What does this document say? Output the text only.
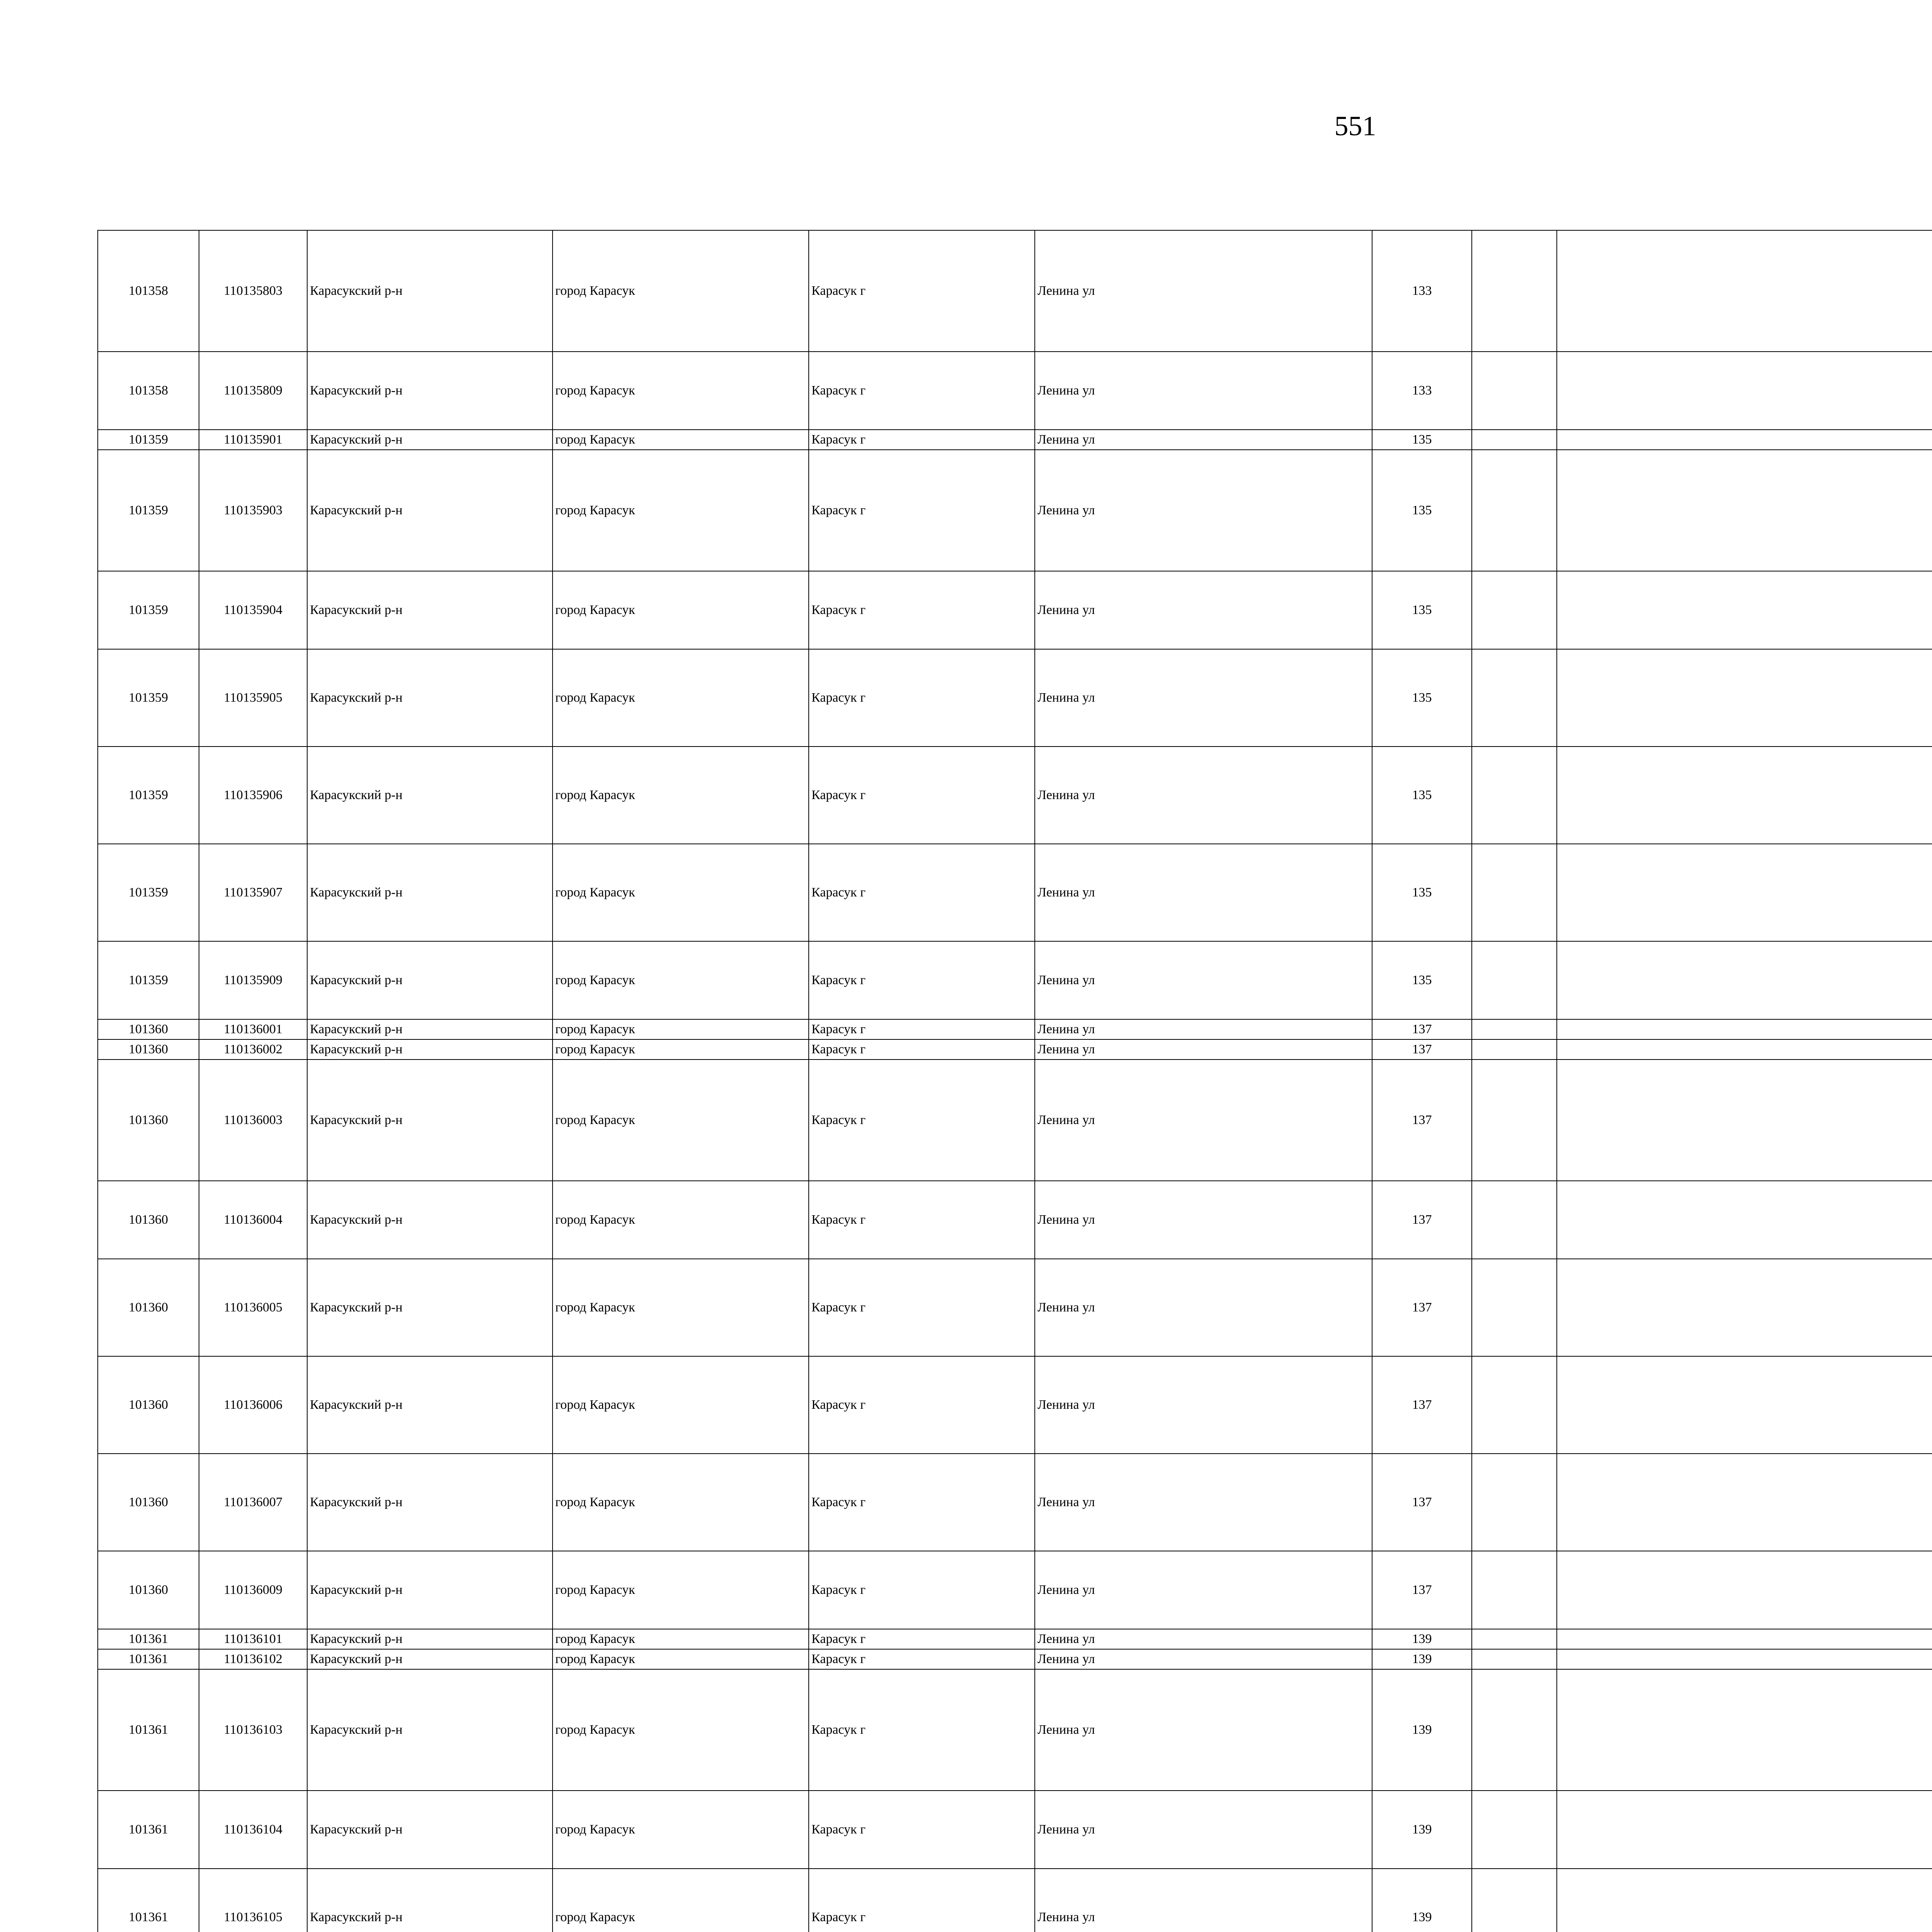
551
101358	110135803	Карасукский р-н	город Карасук	Карасук г	Ленина ул	133							
101358	110135809	Карасукский р-н	город Карасук	Карасук г	Ленина ул	133							
101359	110135901	Карасукский р-н	город Карасук	Карасук г	Ленина ул	135							
101359	110135903	Карасукский р-н	город Карасук	Карасук г	Ленина ул	135							
101359	110135904	Карасукский р-н	город Карасук	Карасук г	Ленина ул	135							
101359	110135905	Карасукский р-н	город Карасук	Карасук г	Ленина ул	135							
101359	110135906	Карасукский р-н	город Карасук	Карасук г	Ленина ул	135							
101359	110135907	Карасукский р-н	город Карасук	Карасук г	Ленина ул	135							
101359	110135909	Карасукский р-н	город Карасук	Карасук г	Ленина ул	135							
101360	110136001	Карасукский р-н	город Карасук	Карасук г	Ленина ул	137							
101360	110136002	Карасукский р-н	город Карасук	Карасук г	Ленина ул	137							
101360	110136003	Карасукский р-н	город Карасук	Карасук г	Ленина ул	137							
101360	110136004	Карасукский р-н	город Карасук	Карасук г	Ленина ул	137							
101360	110136005	Карасукский р-н	город Карасук	Карасук г	Ленина ул	137							
101360	110136006	Карасукский р-н	город Карасук	Карасук г	Ленина ул	137							
101360	110136007	Карасукский р-н	город Карасук	Карасук г	Ленина ул	137							
101360	110136009	Карасукский р-н	город Карасук	Карасук г	Ленина ул	137							
101361	110136101	Карасукский р-н	город Карасук	Карасук г	Ленина ул	139							
101361	110136102	Карасукский р-н	город Карасук	Карасук г	Ленина ул	139							
101361	110136103	Карасукский р-н	город Карасук	Карасук г	Ленина ул	139							
101361	110136104	Карасукский р-н	город Карасук	Карасук г	Ленина ул	139							
101361	110136105	Карасукский р-н	город Карасук	Карасук г	Ленина ул	139							
